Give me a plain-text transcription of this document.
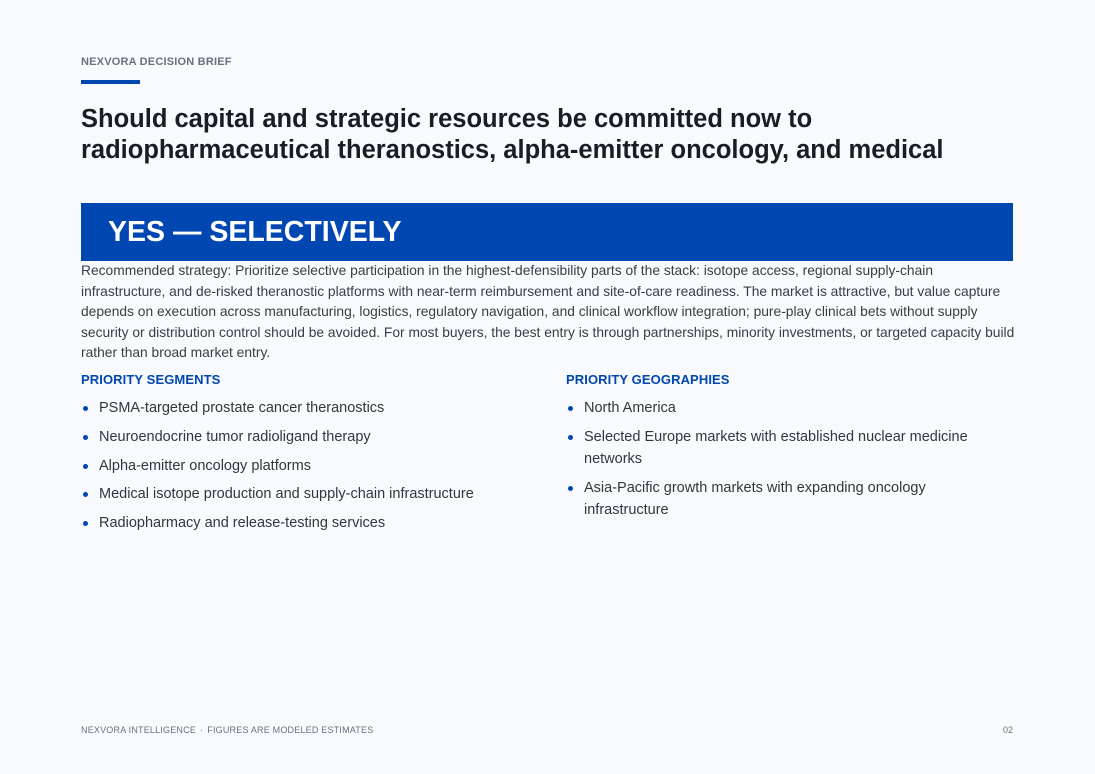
NEXVORA DECISION BRIEF
Should capital and strategic resources be committed now to radiopharmaceutical theranostics, alpha-emitter oncology, and medical
YES — SELECTIVELY

Recommended strategy: Prioritize selective participation in the highest-defensibility parts of the stack: isotope access, regional supply-chain infrastructure, and de-risked theranostic platforms with near-term reimbursement and site-of-care readiness. The market is attractive, but value capture depends on execution across manufacturing, logistics, regulatory navigation, and clinical workflow integration; pure-play clinical bets without supply security or distribution control should be avoided. For most buyers, the best entry is through partnerships, minority investments, or targeted capacity build rather than broad market entry.

PRIORITY SEGMENTS
PSMA-targeted prostate cancer theranostics
Neuroendocrine tumor radioligand therapy
Alpha-emitter oncology platforms
Medical isotope production and supply-chain infrastructure
Radiopharmacy and release-testing services
PRIORITY GEOGRAPHIES
North America
Selected Europe markets with established nuclear medicine networks
Asia-Pacific growth markets with expanding oncology infrastructure
NEXVORA INTELLIGENCE · FIGURES ARE MODELED ESTIMATES	02
